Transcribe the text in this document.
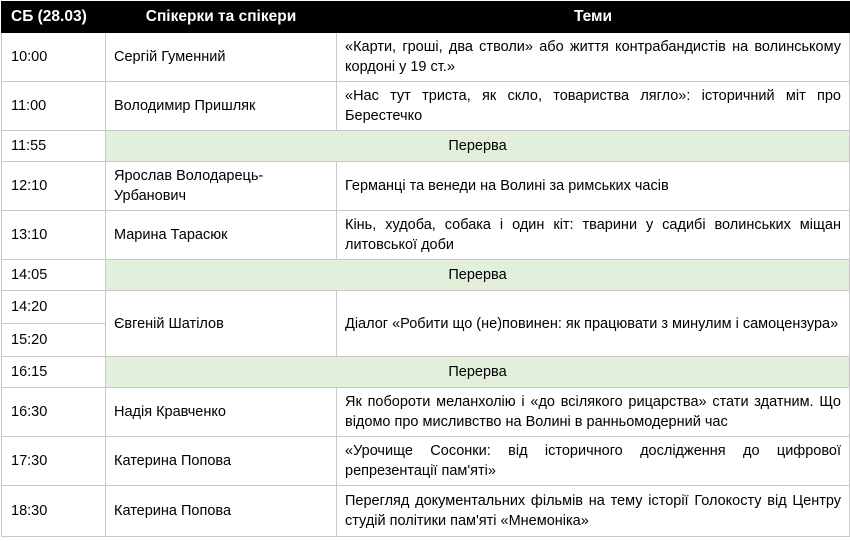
СБ (28.03)	Спікерки та спікери	Теми
10:00	Сергій Гуменний	«Карти, гроші, два стволи» або життя контрабандистів на волинському кордоні у 19 ст.»
11:00	Володимир Пришляк	«Нас тут триста, як скло, товариства лягло»: історичний міт про Берестечко
11:55	Перерва	
12:10	Ярослав Володарець-Урбанович	Германці та венеди на Волині за римських часів
13:10	Марина Тарасюк	Кінь, худоба, собака і один кіт: тварини у садибі волинських міщан литовської доби
14:05	Перерва	
14:20	Євгеній Шатілов	Діалог «Робити що (не)повинен: як працювати з минулим і самоцензура»
15:20		
16:15	Перерва	
16:30	Надія Кравченко	Як побороти меланхолію і «до всілякого рицарства» стати здатним. Що відомо про мисливство на Волині в ранньомодерний час
17:30	Катерина Попова	«Урочище Сосонки: від історичного дослідження до цифрової репрезентації пам'яті»
18:30	Катерина Попова	Перегляд документальних фільмів на тему історії Голокосту від Центру студій політики пам'яті «Мнемоніка»
